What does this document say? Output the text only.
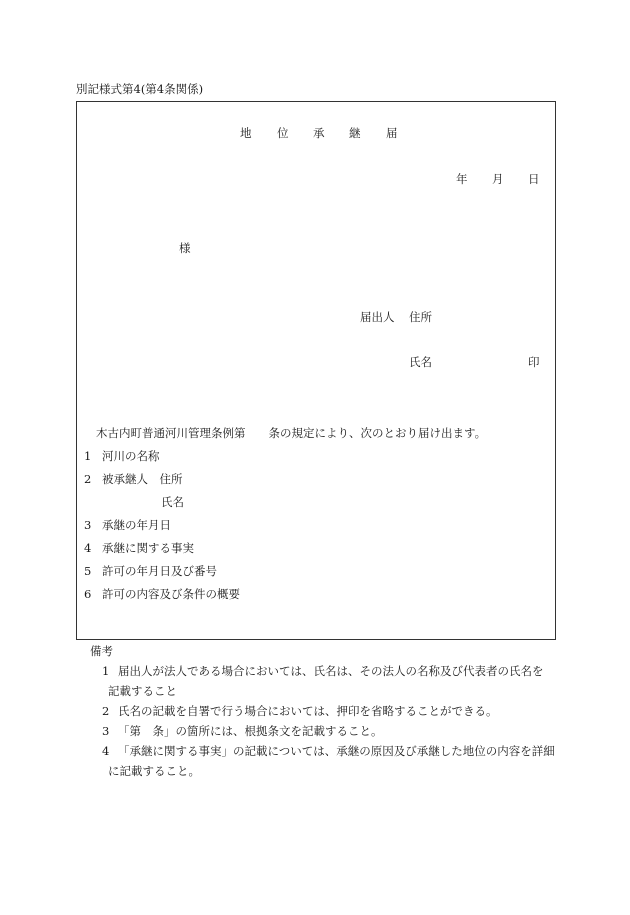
別記様式第4(第4条関係)
地 位 承 継 届
年 月 日
様
届出人 住所
氏名	印
木古内町普通河川管理条例第　　条の規定により、次のとおり届け出ます。
1 河川の名称
2 被承継人　住所
氏名
3 承継の年月日
4 承継に関する事実
5 許可の年月日及び番号
6 許可の内容及び条件の概要
備考
1 届出人が法人である場合においては、氏名は、その法人の名称及び代表者の氏名を
記載すること
2 氏名の記載を自署で行う場合においては、押印を省略することができる。
3 「第　条」の箇所には、根拠条文を記載すること。
4 「承継に関する事実」の記載については、承継の原因及び承継した地位の内容を詳細
に記載すること。
